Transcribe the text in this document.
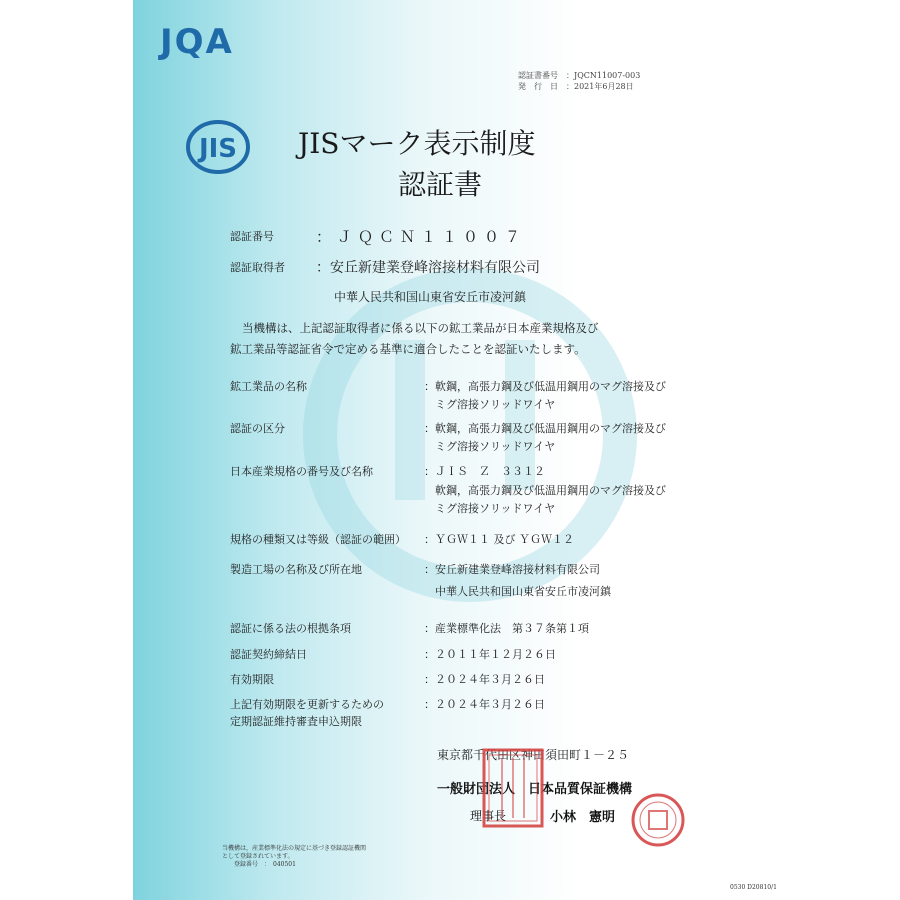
JQA
JIS
認証書番号 ：JQCN11007-003
発　行　日 ：2021年6月28日
JISマーク表示制度
認証書
認証番号	：ＪＱＣＮ１１００７
認証取得者 ：安丘新建業登峰溶接材料有限公司
中華人民共和国山東省安丘市凌河鎮
当機構は、上記認証取得者に係る以下の鉱工業品が日本産業規格及び
鉱工業品等認証省令で定める基準に適合したことを認証いたします。
鉱工業品の名称	：軟鋼，高張力鋼及び低温用鋼用のマグ溶接及び
　ミグ溶接ソリッドワイヤ
認証の区分	：軟鋼，高張力鋼及び低温用鋼用のマグ溶接及び
　ミグ溶接ソリッドワイヤ
日本産業規格の番号及び名称	：ＪＩＳ　Ｚ　３３１２
　軟鋼，高張力鋼及び低温用鋼用のマグ溶接及び
　ミグ溶接ソリッドワイヤ
規格の種類又は等級（認証の範囲） ：ＹＧＷ１１ 及び ＹＧＷ１２
製造工場の名称及び所在地	：安丘新建業登峰溶接材料有限公司
　中華人民共和国山東省安丘市凌河鎮
認証に係る法の根拠条項	：産業標準化法　第３７条第１項
認証契約締結日	：２０１１年１２月２６日
有効期限	：２０２４年３月２６日
上記有効期限を更新するための
定期認証維持審査申込期限
：２０２４年３月２６日
東京都千代田区神田須田町１－２５
一般財団法人　日本品質保証機構
理事長	小林　憲明
当機構は，産業標準化法の規定に基づき登録認証機関
として登録されています。
登録番号　：　040501
0530 D20810/1
